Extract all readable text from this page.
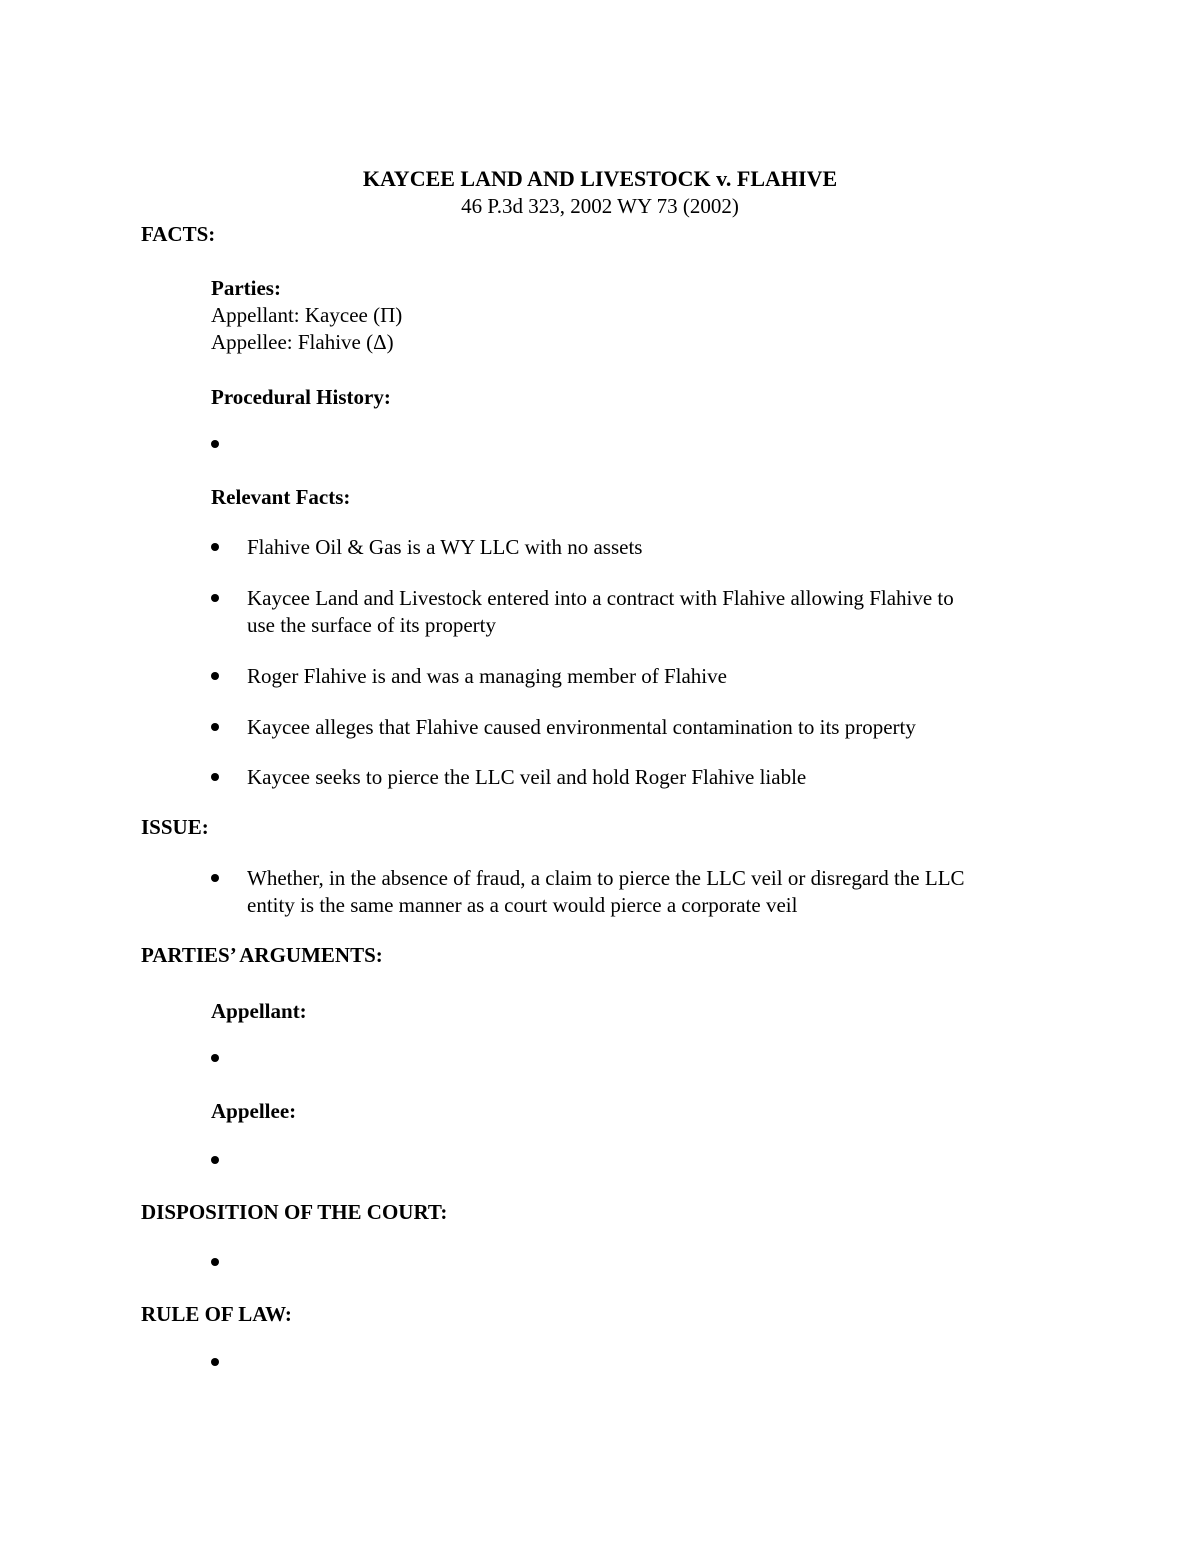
KAYCEE LAND AND LIVESTOCK v. FLAHIVE
46 P.3d 323, 2002 WY 73 (2002)
FACTS:
Parties:
Appellant: Kaycee (Π)
Appellee: Flahive (Δ)
Procedural History:
Relevant Facts:
Flahive Oil & Gas is a WY LLC with no assets
Kaycee Land and Livestock entered into a contract with Flahive allowing Flahive to
use the surface of its property
Roger Flahive is and was a managing member of Flahive
Kaycee alleges that Flahive caused environmental contamination to its property
Kaycee seeks to pierce the LLC veil and hold Roger Flahive liable
ISSUE:
Whether, in the absence of fraud, a claim to pierce the LLC veil or disregard the LLC
entity is the same manner as a court would pierce a corporate veil
PARTIES’ ARGUMENTS:
Appellant:
Appellee:
DISPOSITION OF THE COURT:
RULE OF LAW:
